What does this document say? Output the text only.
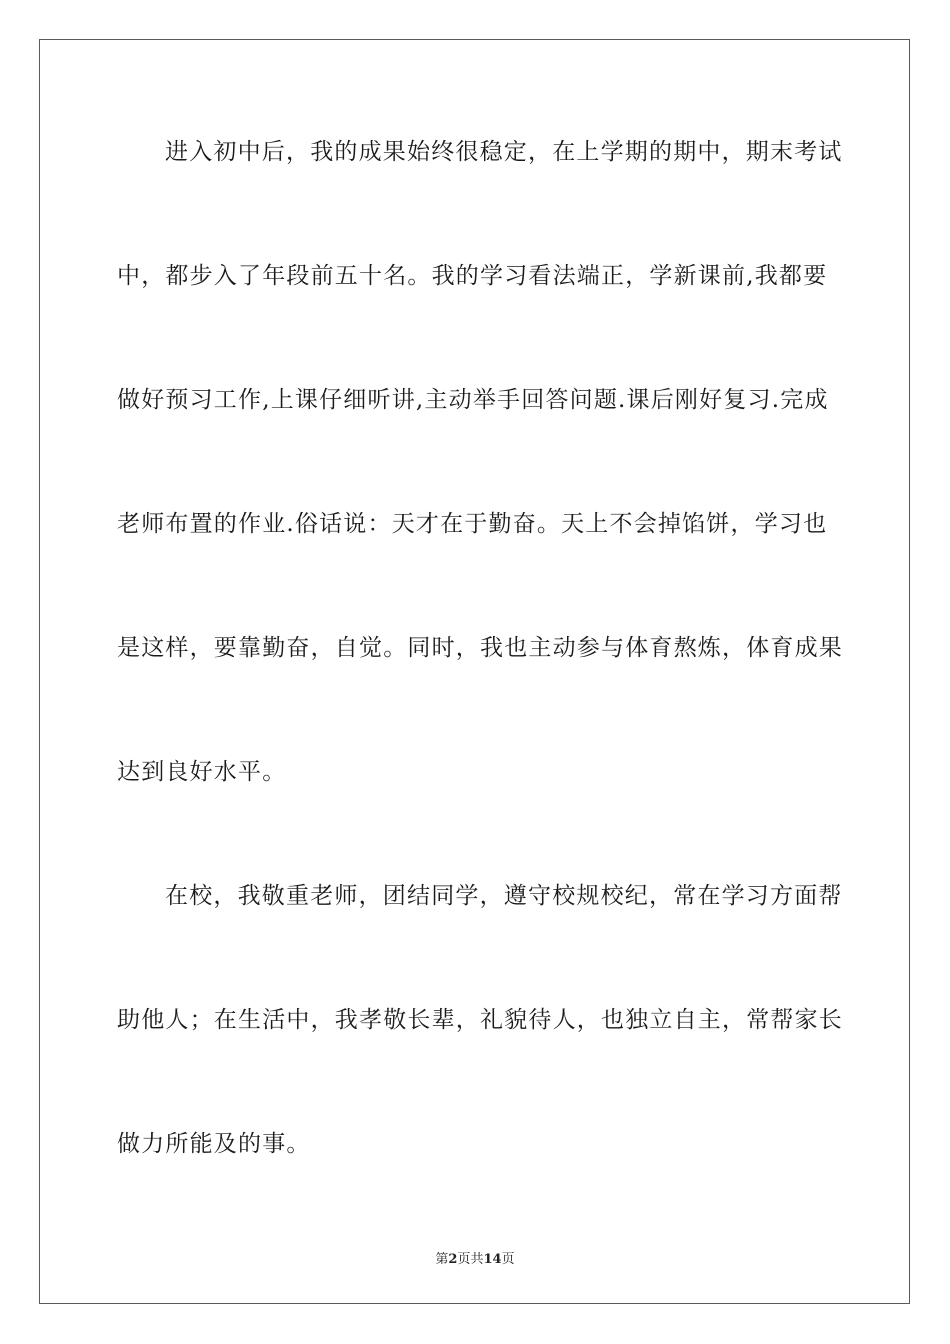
进入初中后，我的成果始终很稳定，在上学期的期中，期末考试
中，都步入了年段前五十名。我的学习看法端正，学新课前,我都要
做好预习工作,上课仔细听讲,主动举手回答问题.课后刚好复习.完成
老师布置的作业.俗话说：天才在于勤奋。天上不会掉馅饼，学习也
是这样，要靠勤奋，自觉。同时，我也主动参与体育熬炼，体育成果
达到良好水平。
在校，我敬重老师，团结同学，遵守校规校纪，常在学习方面帮
助他人；在生活中，我孝敬长辈，礼貌待人，也独立自主，常帮家长
做力所能及的事。
第2页共14页
